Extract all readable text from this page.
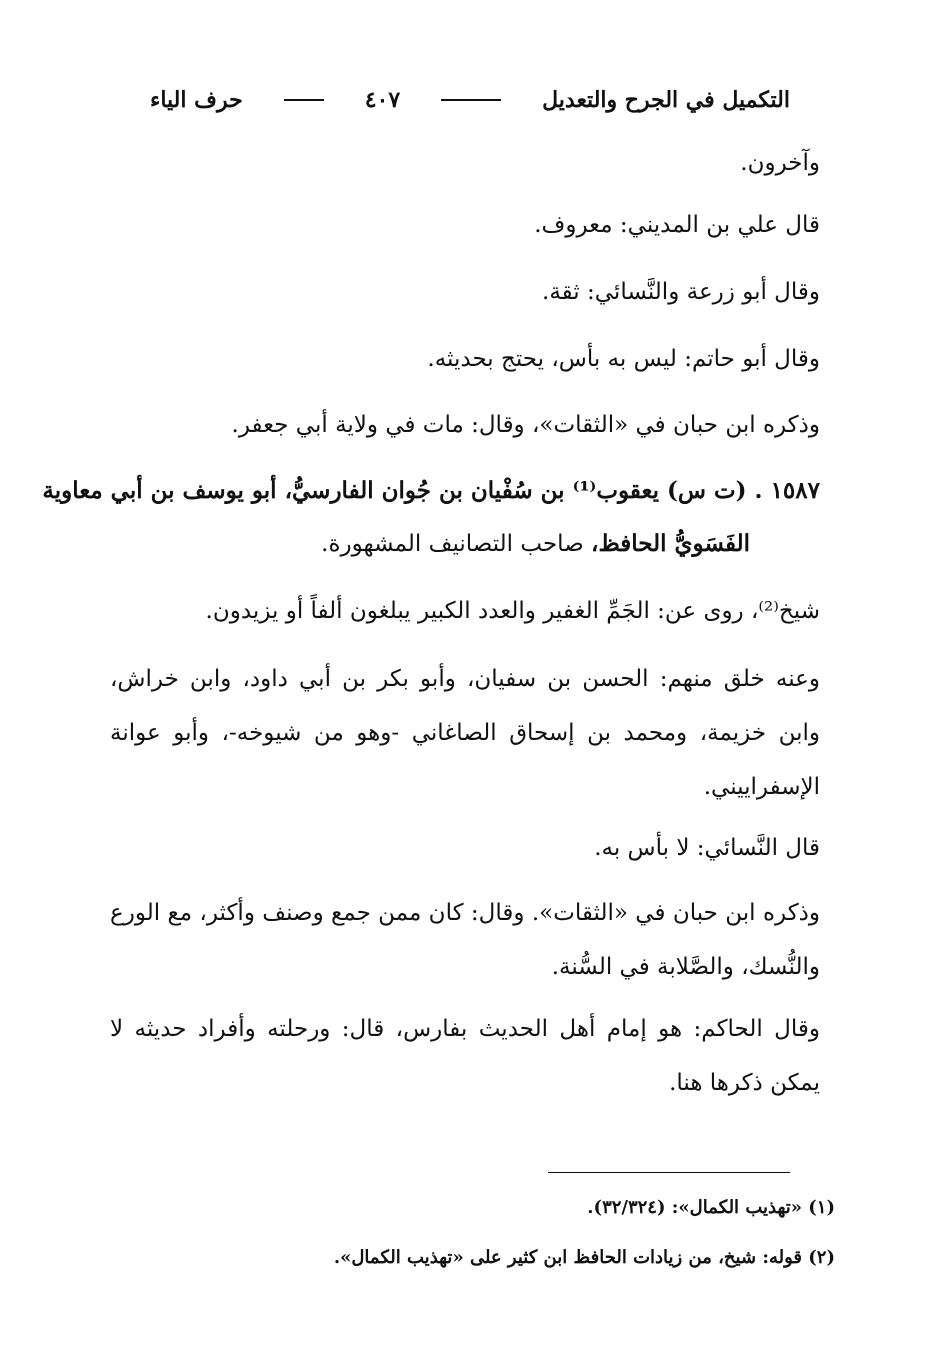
حرف الياء	٤٠٧	التكميل في الجرح والتعديل
وآخرون.
قال علي بن المديني: معروف.
وقال أبو زرعة والنَّسائي: ثقة.
وقال أبو حاتم: ليس به بأس، يحتج بحديثه.
وذكره ابن حبان في «الثقات»، وقال: مات في ولاية أبي جعفر.
١٥٨٧ . (ت س) يعقوب⁽¹⁾ بن سُفْيان بن جُوان الفارسيُّ، أبو يوسف بن أبي معاوية
الفَسَويُّ الحافظ، صاحب التصانيف المشهورة.

شيخ⁽²⁾، روى عن: الجَمِّ الغفير والعدد الكبير يبلغون ألفاً أو يزيدون.

وعنه خلق منهم: الحسن بن سفيان، وأبو بكر بن أبي داود، وابن خراش، وابن خزيمة، ومحمد بن إسحاق الصاغاني -وهو من شيوخه-، وأبو عوانة الإسفراييني.

قال النَّسائي: لا بأس به.

وذكره ابن حبان في «الثقات». وقال: كان ممن جمع وصنف وأكثر، مع الورع والنُّسك، والصَّلابة في السُّنة.

وقال الحاكم: هو إمام أهل الحديث بفارس، قال: ورحلته وأفراد حديثه لا يمكن ذكرها هنا.

(١) «تهذيب الكمال»: (٣٢/٣٢٤).
(٢) قوله: شيخ، من زيادات الحافظ ابن كثير على «تهذيب الكمال».
